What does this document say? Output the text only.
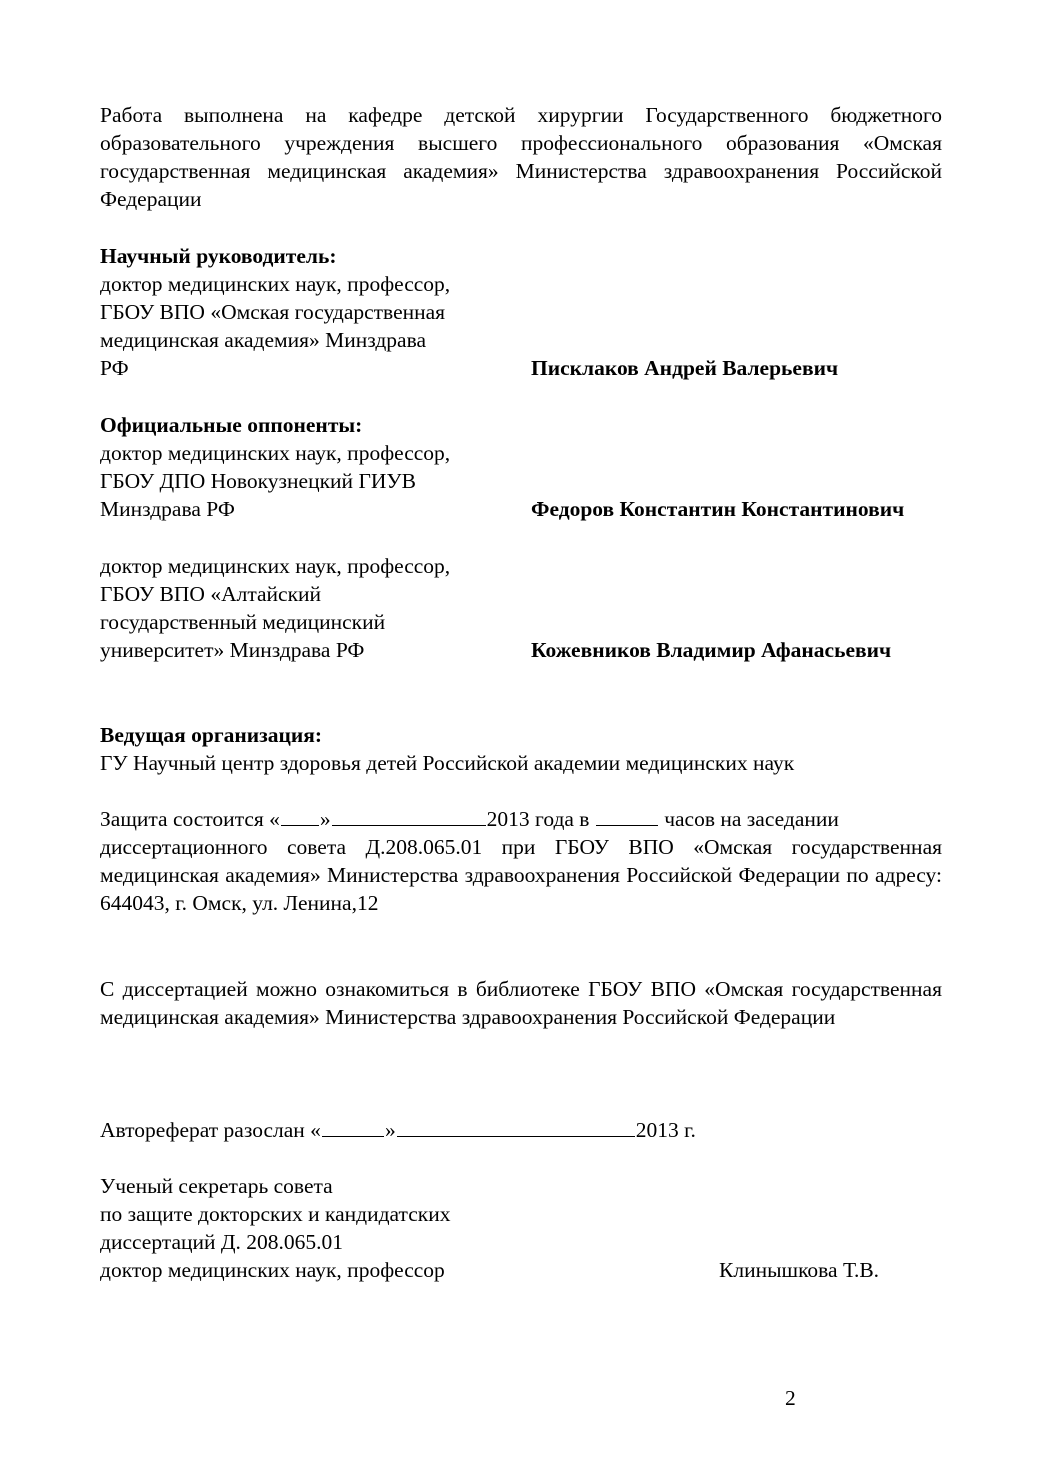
Работа выполнена на кафедре детской хирургии Государственного бюджетного образовательного учреждения высшего профессионального образования «Омская государственная медицинская академия» Министерства здравоохранения Российской Федерации
Научный руководитель:
доктор медицинских наук, профессор,
ГБОУ ВПО «Омская государственная
медицинская академия» Минздрава
РФ	Писклаков Андрей Валерьевич
Официальные оппоненты:
доктор медицинских наук, профессор,
ГБОУ ДПО Новокузнецкий ГИУВ
Минздрава РФ	Федоров Константин Константинович
доктор медицинских наук, профессор,
ГБОУ ВПО «Алтайский
государственный медицинский
университет» Минздрава РФ	Кожевников Владимир Афанасьевич
Ведущая организация:
ГУ Научный центр здоровья детей Российской академии медицинских наук
Защита состоится « »	2013 года в	часов на заседании
диссертационного совета Д.208.065.01 при ГБОУ ВПО «Омская государственная медицинская академия» Министерства здравоохранения Российской Федерации по адресу: 644043, г. Омск, ул. Ленина,12
С диссертацией можно ознакомиться в библиотеке ГБОУ ВПО «Омская государственная медицинская академия» Министерства здравоохранения Российской Федерации
Автореферат разослан «	»	2013 г.
Ученый секретарь совета
по защите докторских и кандидатских
диссертаций Д. 208.065.01
доктор медицинских наук, профессор	Клинышкова Т.В.
2
